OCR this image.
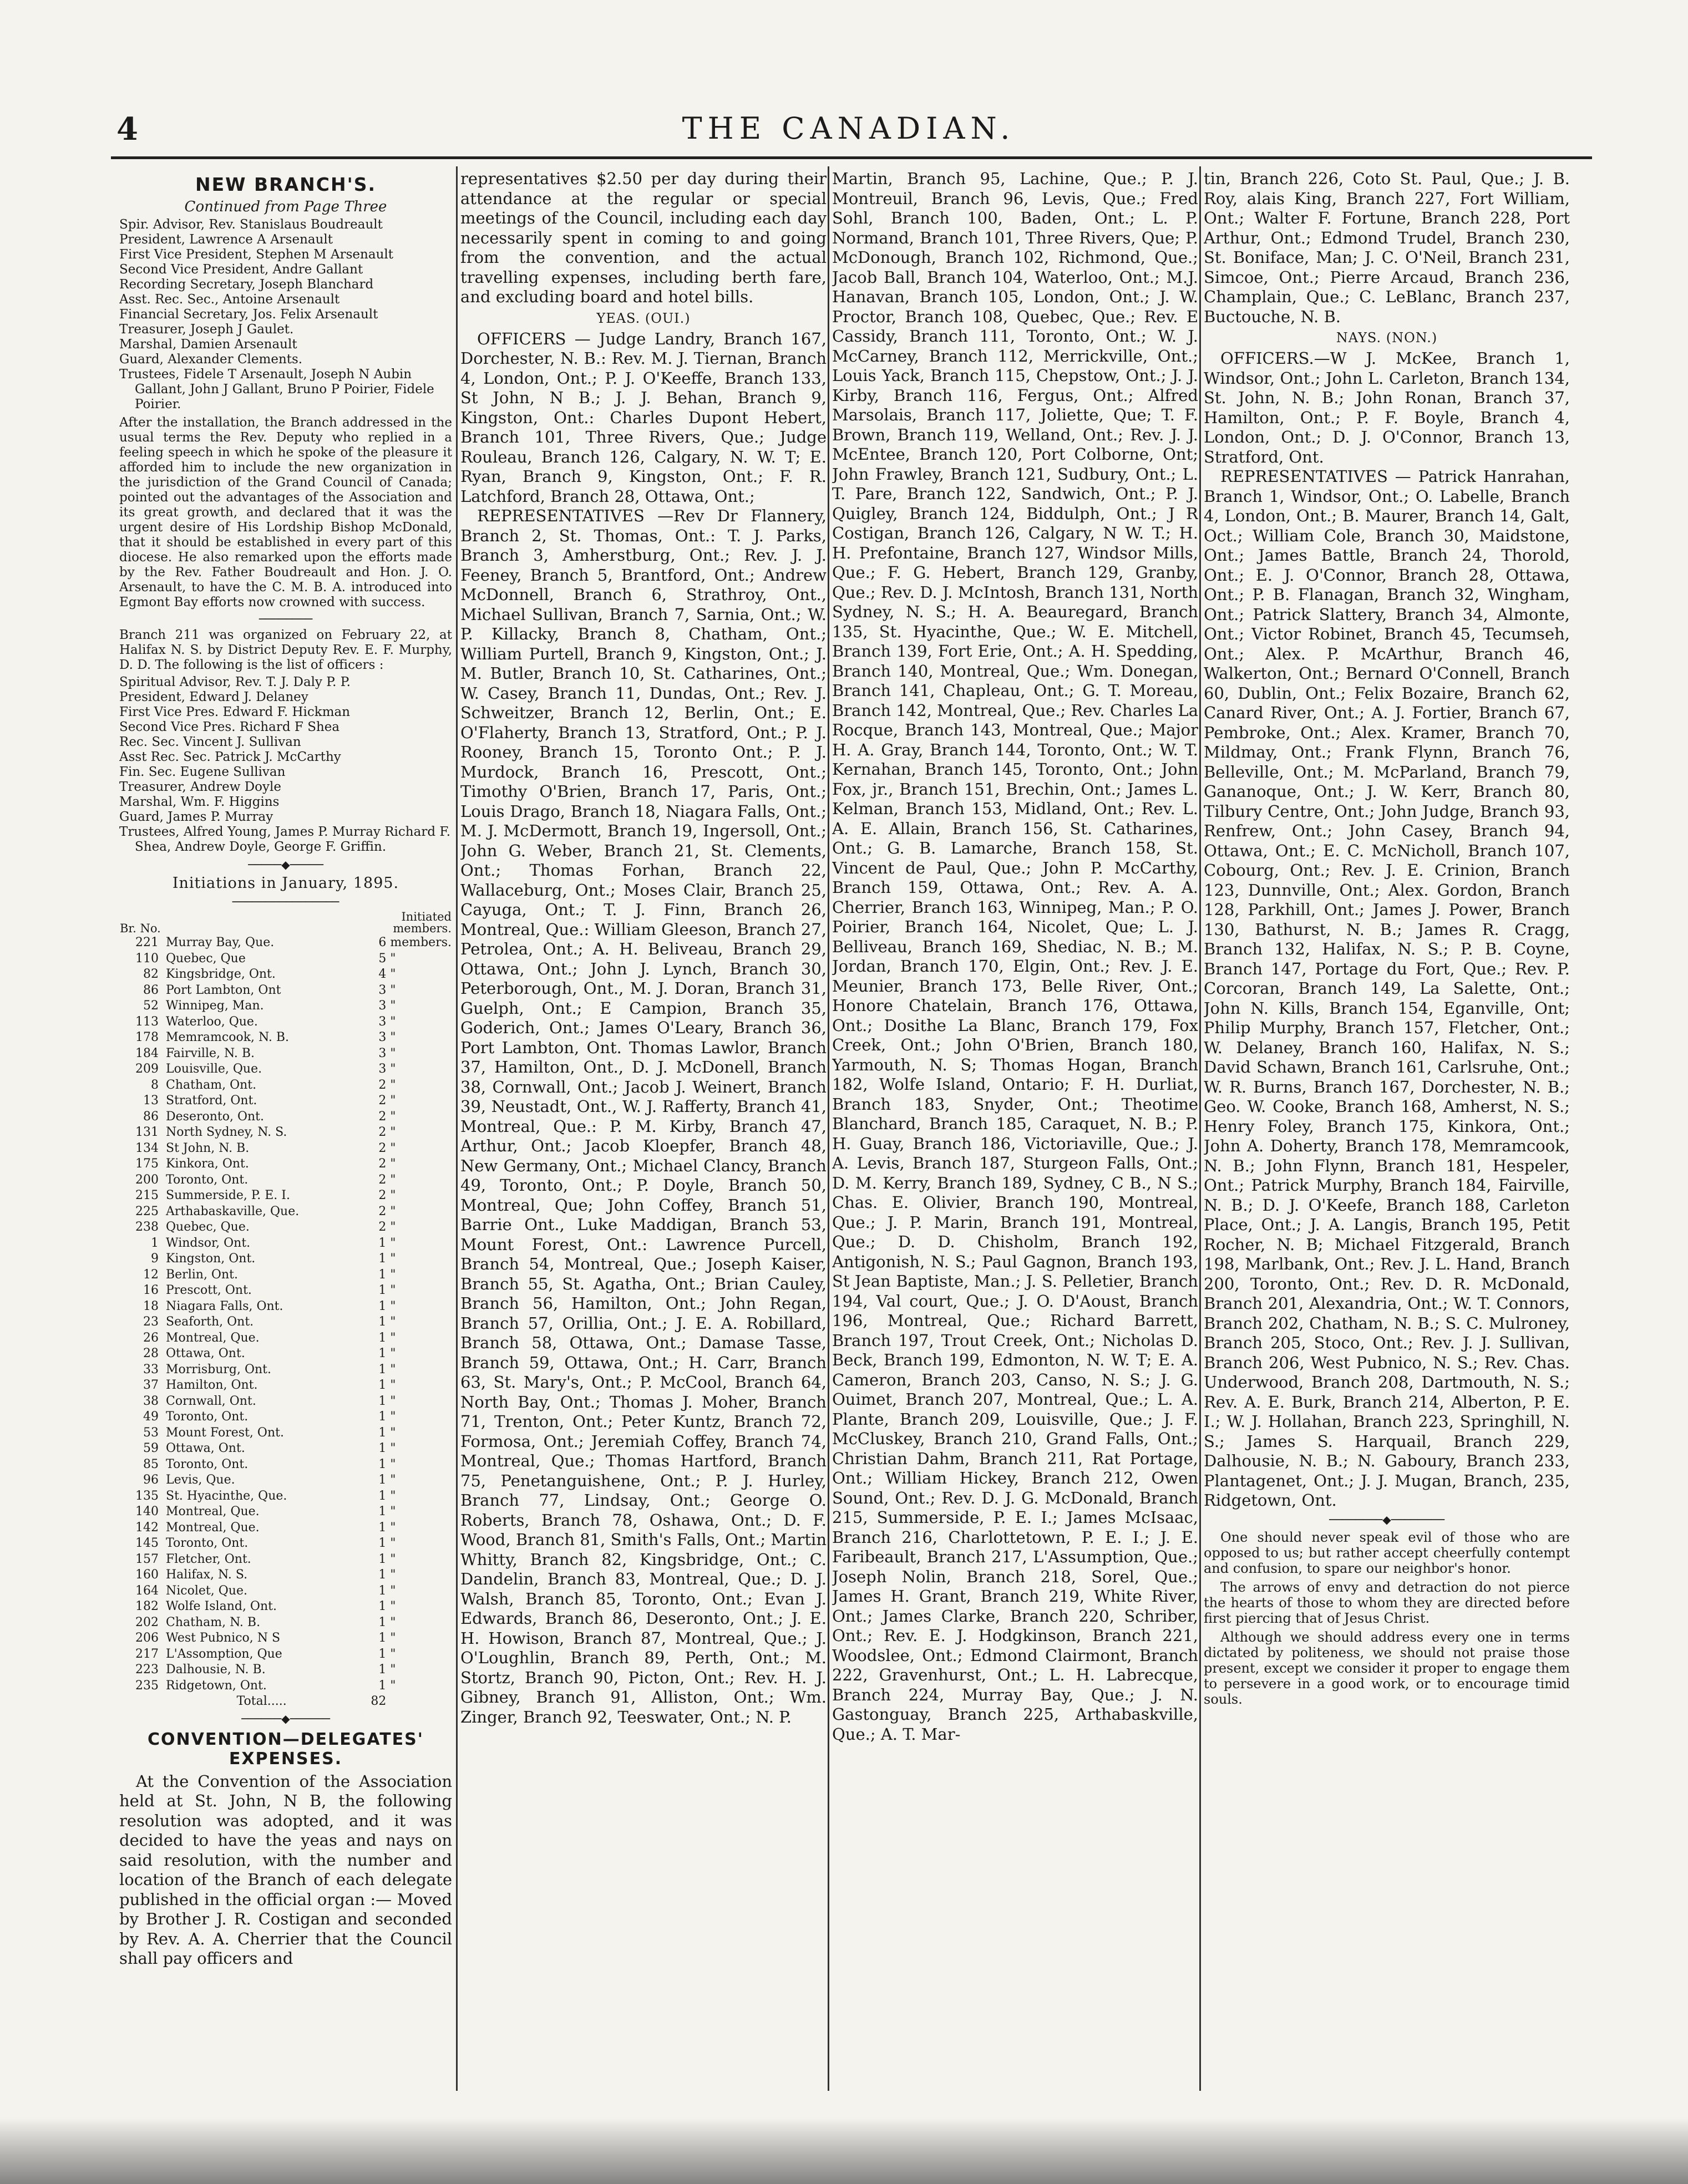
4	THE CANADIAN.
NEW BRANCH'S.
Continued from Page Three
Spir. Advisor, Rev. Stanislaus Boudreault
President, Lawrence A Arsenault
First Vice President, Stephen M Arsenault
Second Vice President, Andre Gallant
Recording Secretary, Joseph Blanchard
Asst. Rec. Sec., Antoine Arsenault
Financial Secretary, Jos. Felix Arsenault
Treasurer, Joseph J Gaulet.
Marshal, Damien Arsenault
Guard, Alexander Clements.
Trustees, Fidele T Arsenault, Joseph N Aubin Gallant, John J Gallant, Bruno P Poirier, Fidele Poirier.

After the installation, the Branch addressed in the usual terms the Rev. Deputy who replied in a feeling speech in which he spoke of the pleasure it afforded him to include the new organization in the jurisdiction of the Grand Council of Canada; pointed out the advantages of the Association and its great growth, and declared that it was the urgent desire of His Lordship Bishop McDonald, that it should be established in every part of this diocese. He also remarked upon the efforts made by the Rev. Father Boudreault and Hon. J. O. Arsenault, to have the C. M. B. A. introduced into Egmont Bay efforts now crowned with success.

────────

Branch 211 was organized on February 22, at Halifax N. S. by District Deputy Rev. E. F. Murphy, D. D. The following is the list of officers :

Spiritual Advisor, Rev. T. J. Daly P. P.
President, Edward J. Delaney
First Vice Pres. Edward F. Hickman
Second Vice Pres. Richard F Shea
Rec. Sec. Vincent J. Sullivan
Asst Rec. Sec. Patrick J. McCarthy
Fin. Sec. Eugene Sullivan
Treasurer, Andrew Doyle
Marshal, Wm. F. Higgins
Guard, James P. Murray
Trustees, Alfred Young, James P. Murray Richard F. Shea, Andrew Doyle, George F. Griffin.
─────◆─────
Initiations in January, 1895.
────────────────
Br. No.		Initiated members.	
221	Murray Bay, Que.	6	members.
110	Quebec, Que	5	"
82	Kingsbridge, Ont.	4	"
86	Port Lambton, Ont	3	"
52	Winnipeg, Man.	3	"
113	Waterloo, Que.	3	"
178	Memramcook, N. B.	3	"
184	Fairville, N. B.	3	"
209	Louisville, Que.	3	"
8	Chatham, Ont.	2	"
13	Stratford, Ont.	2	"
86	Deseronto, Ont.	2	"
131	North Sydney, N. S.	2	"
134	St John, N. B.	2	"
175	Kinkora, Ont.	2	"
200	Toronto, Ont.	2	"
215	Summerside, P. E. I.	2	"
225	Arthabaskaville, Que.	2	"
238	Quebec, Que.	2	"
1	Windsor, Ont.	1	"
9	Kingston, Ont.	1	"
12	Berlin, Ont.	1	"
16	Prescott, Ont.	1	"
18	Niagara Falls, Ont.	1	"
23	Seaforth, Ont.	1	"
26	Montreal, Que.	1	"
28	Ottawa, Ont.	1	"
33	Morrisburg, Ont.	1	"
37	Hamilton, Ont.	1	"
38	Cornwall, Ont.	1	"
49	Toronto, Ont.	1	"
53	Mount Forest, Ont.	1	"
59	Ottawa, Ont.	1	"
85	Toronto, Ont.	1	"
96	Levis, Que.	1	"
135	St. Hyacinthe, Que.	1	"
140	Montreal, Que.	1	"
142	Montreal, Que.	1	"
145	Toronto, Ont.	1	"
157	Fletcher, Ont.	1	"
160	Halifax, N. S.	1	"
164	Nicolet, Que.	1	"
182	Wolfe Island, Ont.	1	"
202	Chatham, N. B.	1	"
206	West Pubnico, N S	1	"
217	L'Assomption, Que	1	"
223	Dalhousie, N. B.	1	"
235	Ridgetown, Ont.	1	"
	Total.....	82	
──────◆──────
CONVENTION—DELEGATES' EXPENSES.

At the Convention of the Association held at St. John, N B, the following resolution was adopted, and it was decided to have the yeas and nays on said resolution, with the number and location of the Branch of each delegate published in the official organ :— Moved by Brother J. R. Costigan and seconded by Rev. A. A. Cherrier that the Council shall pay officers and

representatives $2.50 per day during their attendance at the regular or special meetings of the Council, including each day necessarily spent in coming to and going from the convention, and the actual travelling expenses, including berth fare, and excluding board and hotel bills.

YEAS. (OUI.)

OFFICERS — Judge Landry, Branch 167, Dorchester, N. B.: Rev. M. J. Tiernan, Branch 4, London, Ont.; P. J. O'Keeffe, Branch 133, St John, N B.; J. J. Behan, Branch 9, Kingston, Ont.: Charles Dupont Hebert, Branch 101, Three Rivers, Que.; Judge Rouleau, Branch 126, Calgary, N. W. T; E. Ryan, Branch 9, Kingston, Ont.; F. R. Latchford, Branch 28, Ottawa, Ont.;

REPRESENTATIVES —Rev Dr Flannery, Branch 2, St. Thomas, Ont.: T. J. Parks, Branch 3, Amherstburg, Ont.; Rev. J. J. Feeney, Branch 5, Brantford, Ont.; Andrew McDonnell, Branch 6, Strathroy, Ont., Michael Sullivan, Branch 7, Sarnia, Ont.; W. P. Killacky, Branch 8, Chatham, Ont.; William Purtell, Branch 9, Kingston, Ont.; J. M. Butler, Branch 10, St. Catharines, Ont.; W. Casey, Branch 11, Dundas, Ont.; Rev. J. Schweitzer, Branch 12, Berlin, Ont.; E. O'Flaherty, Branch 13, Stratford, Ont.; P. J. Rooney, Branch 15, Toronto Ont.; P. J. Murdock, Branch 16, Prescott, Ont.; Timothy O'Brien, Branch 17, Paris, Ont.; Louis Drago, Branch 18, Niagara Falls, Ont.; M. J. McDermott, Branch 19, Ingersoll, Ont.; John G. Weber, Branch 21, St. Clements, Ont.; Thomas Forhan, Branch 22, Wallaceburg, Ont.; Moses Clair, Branch 25, Cayuga, Ont.; T. J. Finn, Branch 26, Montreal, Que.: William Gleeson, Branch 27, Petrolea, Ont.; A. H. Beliveau, Branch 29, Ottawa, Ont.; John J. Lynch, Branch 30, Peterborough, Ont., M. J. Doran, Branch 31, Guelph, Ont.; E Campion, Branch 35, Goderich, Ont.; James O'Leary, Branch 36, Port Lambton, Ont. Thomas Lawlor, Branch 37, Hamilton, Ont., D. J. McDonell, Branch 38, Cornwall, Ont.; Jacob J. Weinert, Branch 39, Neustadt, Ont., W. J. Rafferty, Branch 41, Montreal, Que.: P. M. Kirby, Branch 47, Arthur, Ont.; Jacob Kloepfer, Branch 48, New Germany, Ont.; Michael Clancy, Branch 49, Toronto, Ont.; P. Doyle, Branch 50, Montreal, Que; John Coffey, Branch 51, Barrie Ont., Luke Maddigan, Branch 53, Mount Forest, Ont.: Lawrence Purcell, Branch 54, Montreal, Que.; Joseph Kaiser, Branch 55, St. Agatha, Ont.; Brian Cauley, Branch 56, Hamilton, Ont.; John Regan, Branch 57, Orillia, Ont.; J. E. A. Robillard, Branch 58, Ottawa, Ont.; Damase Tasse, Branch 59, Ottawa, Ont.; H. Carr, Branch 63, St. Mary's, Ont.; P. McCool, Branch 64, North Bay, Ont.; Thomas J. Moher, Branch 71, Trenton, Ont.; Peter Kuntz, Branch 72, Formosa, Ont.; Jeremiah Coffey, Branch 74, Montreal, Que.; Thomas Hartford, Branch 75, Penetanguishene, Ont.; P. J. Hurley, Branch 77, Lindsay, Ont.; George O. Roberts, Branch 78, Oshawa, Ont.; D. F. Wood, Branch 81, Smith's Falls, Ont.; Martin Whitty, Branch 82, Kingsbridge, Ont.; C. Dandelin, Branch 83, Montreal, Que.; D. J. Walsh, Branch 85, Toronto, Ont.; Evan J. Edwards, Branch 86, Deseronto, Ont.; J. E. H. Howison, Branch 87, Montreal, Que.; J. O'Loughlin, Branch 89, Perth, Ont.; M. Stortz, Branch 90, Picton, Ont.; Rev. H. J. Gibney, Branch 91, Alliston, Ont.; Wm. Zinger, Branch 92, Teeswater, Ont.; N. P.

Martin, Branch 95, Lachine, Que.; P. J. Montreuil, Branch 96, Levis, Que.; Fred Sohl, Branch 100, Baden, Ont.; L. P. Normand, Branch 101, Three Rivers, Que; P. McDonough, Branch 102, Richmond, Que.; Jacob Ball, Branch 104, Waterloo, Ont.; M.J. Hanavan, Branch 105, London, Ont.; J. W. Proctor, Branch 108, Quebec, Que.; Rev. E Cassidy, Branch 111, Toronto, Ont.; W. J. McCarney, Branch 112, Merrickville, Ont.; Louis Yack, Branch 115, Chepstow, Ont.; J. J. Kirby, Branch 116, Fergus, Ont.; Alfred Marsolais, Branch 117, Joliette, Que; T. F. Brown, Branch 119, Welland, Ont.; Rev. J. J. McEntee, Branch 120, Port Colborne, Ont; John Frawley, Branch 121, Sudbury, Ont.; L. T. Pare, Branch 122, Sandwich, Ont.; P. J. Quigley, Branch 124, Biddulph, Ont.; J R Costigan, Branch 126, Calgary, N W. T.; H. H. Prefontaine, Branch 127, Windsor Mills, Que.; F. G. Hebert, Branch 129, Granby, Que.; Rev. D. J. McIntosh, Branch 131, North Sydney, N. S.; H. A. Beauregard, Branch 135, St. Hyacinthe, Que.; W. E. Mitchell, Branch 139, Fort Erie, Ont.; A. H. Spedding, Branch 140, Montreal, Que.; Wm. Donegan, Branch 141, Chapleau, Ont.; G. T. Moreau, Branch 142, Montreal, Que.; Rev. Charles La Rocque, Branch 143, Montreal, Que.; Major H. A. Gray, Branch 144, Toronto, Ont.; W. T. Kernahan, Branch 145, Toronto, Ont.; John Fox, jr., Branch 151, Brechin, Ont.; James L. Kelman, Branch 153, Midland, Ont.; Rev. L. A. E. Allain, Branch 156, St. Catharines, Ont.; G. B. Lamarche, Branch 158, St. Vincent de Paul, Que.; John P. McCarthy, Branch 159, Ottawa, Ont.; Rev. A. A. Cherrier, Branch 163, Winnipeg, Man.; P. O. Poirier, Branch 164, Nicolet, Que; L. J. Belliveau, Branch 169, Shediac, N. B.; M. Jordan, Branch 170, Elgin, Ont.; Rev. J. E. Meunier, Branch 173, Belle River, Ont.; Honore Chatelain, Branch 176, Ottawa, Ont.; Dosithe La Blanc, Branch 179, Fox Creek, Ont.; John O'Brien, Branch 180, Yarmouth, N. S; Thomas Hogan, Branch 182, Wolfe Island, Ontario; F. H. Durliat, Branch 183, Snyder, Ont.; Theotime Blanchard, Branch 185, Caraquet, N. B.; P. H. Guay, Branch 186, Victoriaville, Que.; J. A. Levis, Branch 187, Sturgeon Falls, Ont.; D. M. Kerry, Branch 189, Sydney, C B., N S.; Chas. E. Olivier, Branch 190, Montreal, Que.; J. P. Marin, Branch 191, Montreal, Que.; D. D. Chisholm, Branch 192, Antigonish, N. S.; Paul Gagnon, Branch 193, St Jean Baptiste, Man.; J. S. Pelletier, Branch 194, Val court, Que.; J. O. D'Aoust, Branch 196, Montreal, Que.; Richard Barrett, Branch 197, Trout Creek, Ont.; Nicholas D. Beck, Branch 199, Edmonton, N. W. T; E. A. Cameron, Branch 203, Canso, N. S.; J. G. Ouimet, Branch 207, Montreal, Que.; L. A. Plante, Branch 209, Louisville, Que.; J. F. McCluskey, Branch 210, Grand Falls, Ont.; Christian Dahm, Branch 211, Rat Portage, Ont.; William Hickey, Branch 212, Owen Sound, Ont.; Rev. D. J. G. McDonald, Branch 215, Summerside, P. E. I.; James McIsaac, Branch 216, Charlottetown, P. E. I.; J. E. Faribeault, Branch 217, L'Assumption, Que.; Joseph Nolin, Branch 218, Sorel, Que.; James H. Grant, Branch 219, White River, Ont.; James Clarke, Branch 220, Schriber, Ont.; Rev. E. J. Hodgkinson, Branch 221, Woodslee, Ont.; Edmond Clairmont, Branch 222, Gravenhurst, Ont.; L. H. Labrecque, Branch 224, Murray Bay, Que.; J. N. Gastonguay, Branch 225, Arthabaskville, Que.; A. T. Mar-

tin, Branch 226, Coto St. Paul, Que.; J. B. Roy, alais King, Branch 227, Fort William, Ont.; Walter F. Fortune, Branch 228, Port Arthur, Ont.; Edmond Trudel, Branch 230, St. Boniface, Man; J. C. O'Neil, Branch 231, Simcoe, Ont.; Pierre Arcaud, Branch 236, Champlain, Que.; C. LeBlanc, Branch 237, Buctouche, N. B.

NAYS. (NON.)

OFFICERS.—W J. McKee, Branch 1, Windsor, Ont.; John L. Carleton, Branch 134, St. John, N. B.; John Ronan, Branch 37, Hamilton, Ont.; P. F. Boyle, Branch 4, London, Ont.; D. J. O'Connor, Branch 13, Stratford, Ont.

REPRESENTATIVES — Patrick Hanrahan, Branch 1, Windsor, Ont.; O. Labelle, Branch 4, London, Ont.; B. Maurer, Branch 14, Galt, Oct.; William Cole, Branch 30, Maidstone, Ont.; James Battle, Branch 24, Thorold, Ont.; E. J. O'Connor, Branch 28, Ottawa, Ont.; P. B. Flanagan, Branch 32, Wingham, Ont.; Patrick Slattery, Branch 34, Almonte, Ont.; Victor Robinet, Branch 45, Tecumseh, Ont.; Alex. P. McArthur, Branch 46, Walkerton, Ont.; Bernard O'Connell, Branch 60, Dublin, Ont.; Felix Bozaire, Branch 62, Canard River, Ont.; A. J. Fortier, Branch 67, Pembroke, Ont.; Alex. Kramer, Branch 70, Mildmay, Ont.; Frank Flynn, Branch 76, Belleville, Ont.; M. McParland, Branch 79, Gananoque, Ont.; J. W. Kerr, Branch 80, Tilbury Centre, Ont.; John Judge, Branch 93, Renfrew, Ont.; John Casey, Branch 94, Ottawa, Ont.; E. C. McNicholl, Branch 107, Cobourg, Ont.; Rev. J. E. Crinion, Branch 123, Dunnville, Ont.; Alex. Gordon, Branch 128, Parkhill, Ont.; James J. Power, Branch 130, Bathurst, N. B.; James R. Cragg, Branch 132, Halifax, N. S.; P. B. Coyne, Branch 147, Portage du Fort, Que.; Rev. P. Corcoran, Branch 149, La Salette, Ont.; John N. Kills, Branch 154, Eganville, Ont; Philip Murphy, Branch 157, Fletcher, Ont.; W. Delaney, Branch 160, Halifax, N. S.; David Schawn, Branch 161, Carlsruhe, Ont.; W. R. Burns, Branch 167, Dorchester, N. B.; Geo. W. Cooke, Branch 168, Amherst, N. S.; Henry Foley, Branch 175, Kinkora, Ont.; John A. Doherty, Branch 178, Memramcook, N. B.; John Flynn, Branch 181, Hespeler, Ont.; Patrick Murphy, Branch 184, Fairville, N. B.; D. J. O'Keefe, Branch 188, Carleton Place, Ont.; J. A. Langis, Branch 195, Petit Rocher, N. B; Michael Fitzgerald, Branch 198, Marlbank, Ont.; Rev. J. L. Hand, Branch 200, Toronto, Ont.; Rev. D. R. McDonald, Branch 201, Alexandria, Ont.; W. T. Connors, Branch 202, Chatham, N. B.; S. C. Mulroney, Branch 205, Stoco, Ont.; Rev. J. J. Sullivan, Branch 206, West Pubnico, N. S.; Rev. Chas. Underwood, Branch 208, Dartmouth, N. S.; Rev. A. E. Burk, Branch 214, Alberton, P. E. I.; W. J. Hollahan, Branch 223, Springhill, N. S.; James S. Harquail, Branch 229, Dalhousie, N. B.; N. Gaboury, Branch 233, Plantagenet, Ont.; J. J. Mugan, Branch, 235, Ridgetown, Ont.

────────◆────────

One should never speak evil of those who are opposed to us; but rather accept cheerfully contempt and confusion, to spare our neighbor's honor.

The arrows of envy and detraction do not pierce the hearts of those to whom they are directed before first piercing that of Jesus Christ.

Although we should address every one in terms dictated by politeness, we should not praise those present, except we consider it proper to engage them to persevere in a good work, or to encourage timid souls.
